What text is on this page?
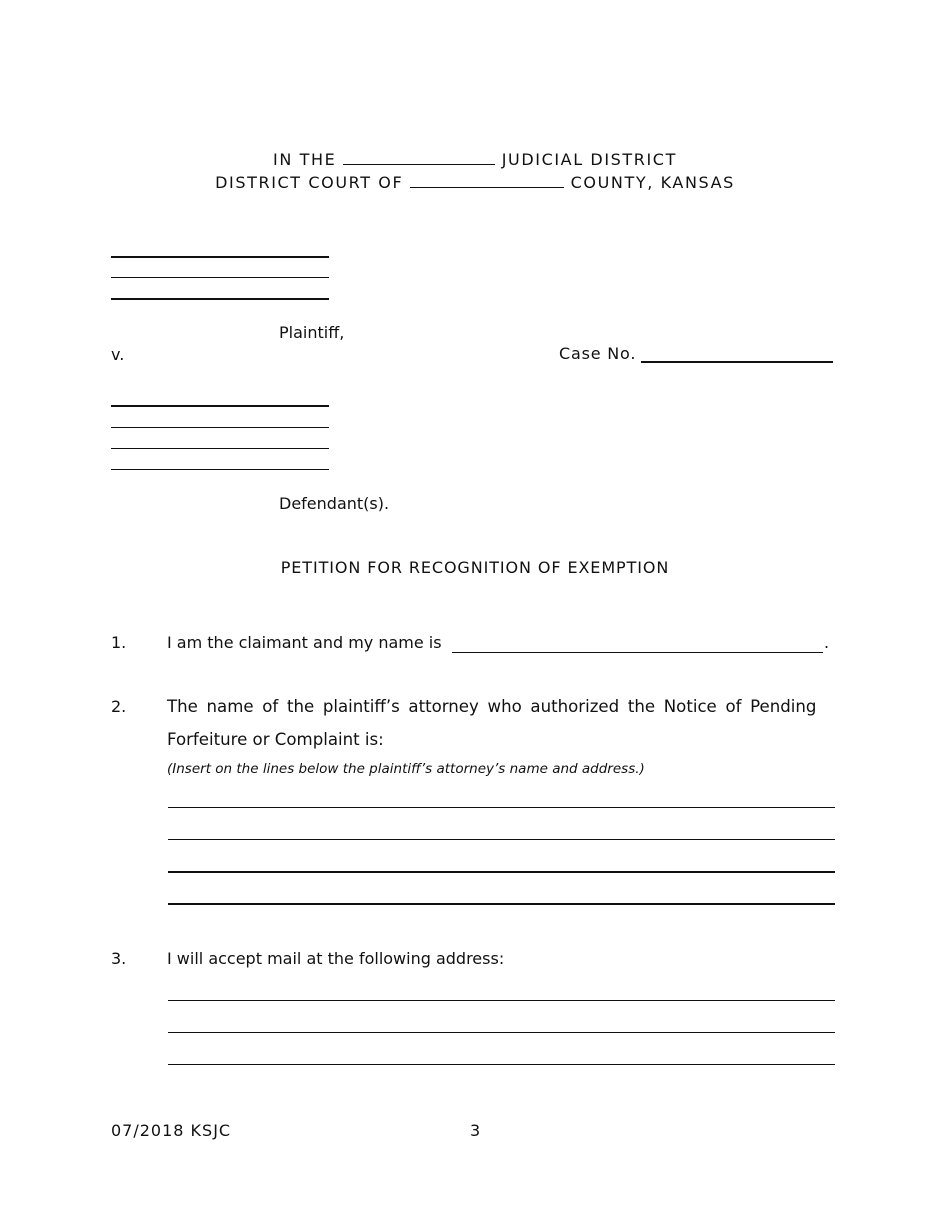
IN THE	JUDICIAL DISTRICT
DISTRICT COURT OF	COUNTY, KANSAS
Plaintiff,
v.	Case No.
Defendant(s).
PETITION FOR RECOGNITION OF EXEMPTION
1.	I am the claimant and my name is	.
2. The name of the plaintiff’s attorney who authorized the Notice of Pending
Forfeiture or Complaint is:
(Insert on the lines below the plaintiff’s attorney’s name and address.)
3.	I will accept mail at the following address:
07/2018 KSJC	3
